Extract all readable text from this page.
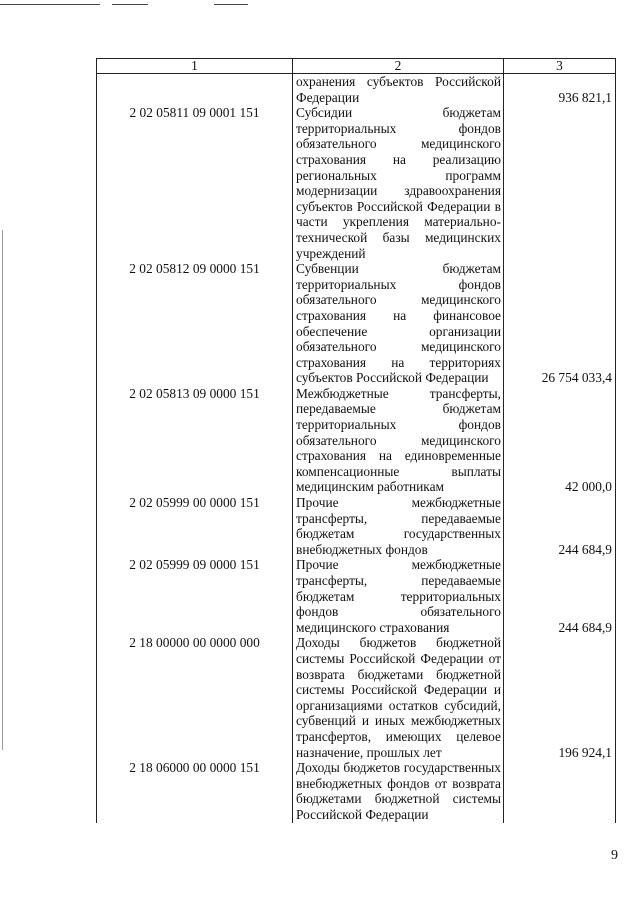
1	2	3
	охранения субъектов Российской Федерации	936 821,1
2 02 05811 09 0001 151	Субсидии бюджетам территориальных фондов обязательного медицинского страхования на реализацию региональных программ модернизации здравоохранения субъектов Российской Федерации в части укрепления материально-технической базы медицинских учреждений	
2 02 05812 09 0000 151	Субвенции бюджетам территориальных фондов обязательного медицинского страхования на финансовое обеспечение организации обязательного медицинского страхования на территориях субъектов Российской Федерации	26 754 033,4
2 02 05813 09 0000 151	Межбюджетные трансферты, передаваемые бюджетам территориальных фондов обязательного медицинского страхования на единовременные компенсационные выплаты медицинским работникам	42 000,0
2 02 05999 00 0000 151	Прочие межбюджетные трансферты, передаваемые бюджетам государственных внебюджетных фондов	244 684,9
2 02 05999 09 0000 151	Прочие межбюджетные трансферты, передаваемые бюджетам территориальных фондов обязательного медицинского страхования	244 684,9
2 18 00000 00 0000 000	Доходы бюджетов бюджетной системы Российской Федерации от возврата бюджетами бюджетной системы Российской Федерации и организациями остатков субсидий, субвенций и иных межбюджетных трансфертов, имеющих целевое назначение, прошлых лет	196 924,1
2 18 06000 00 0000 151	Доходы бюджетов государственных внебюджетных фондов от возврата бюджетами бюджетной системы Российской Федерации	
9
